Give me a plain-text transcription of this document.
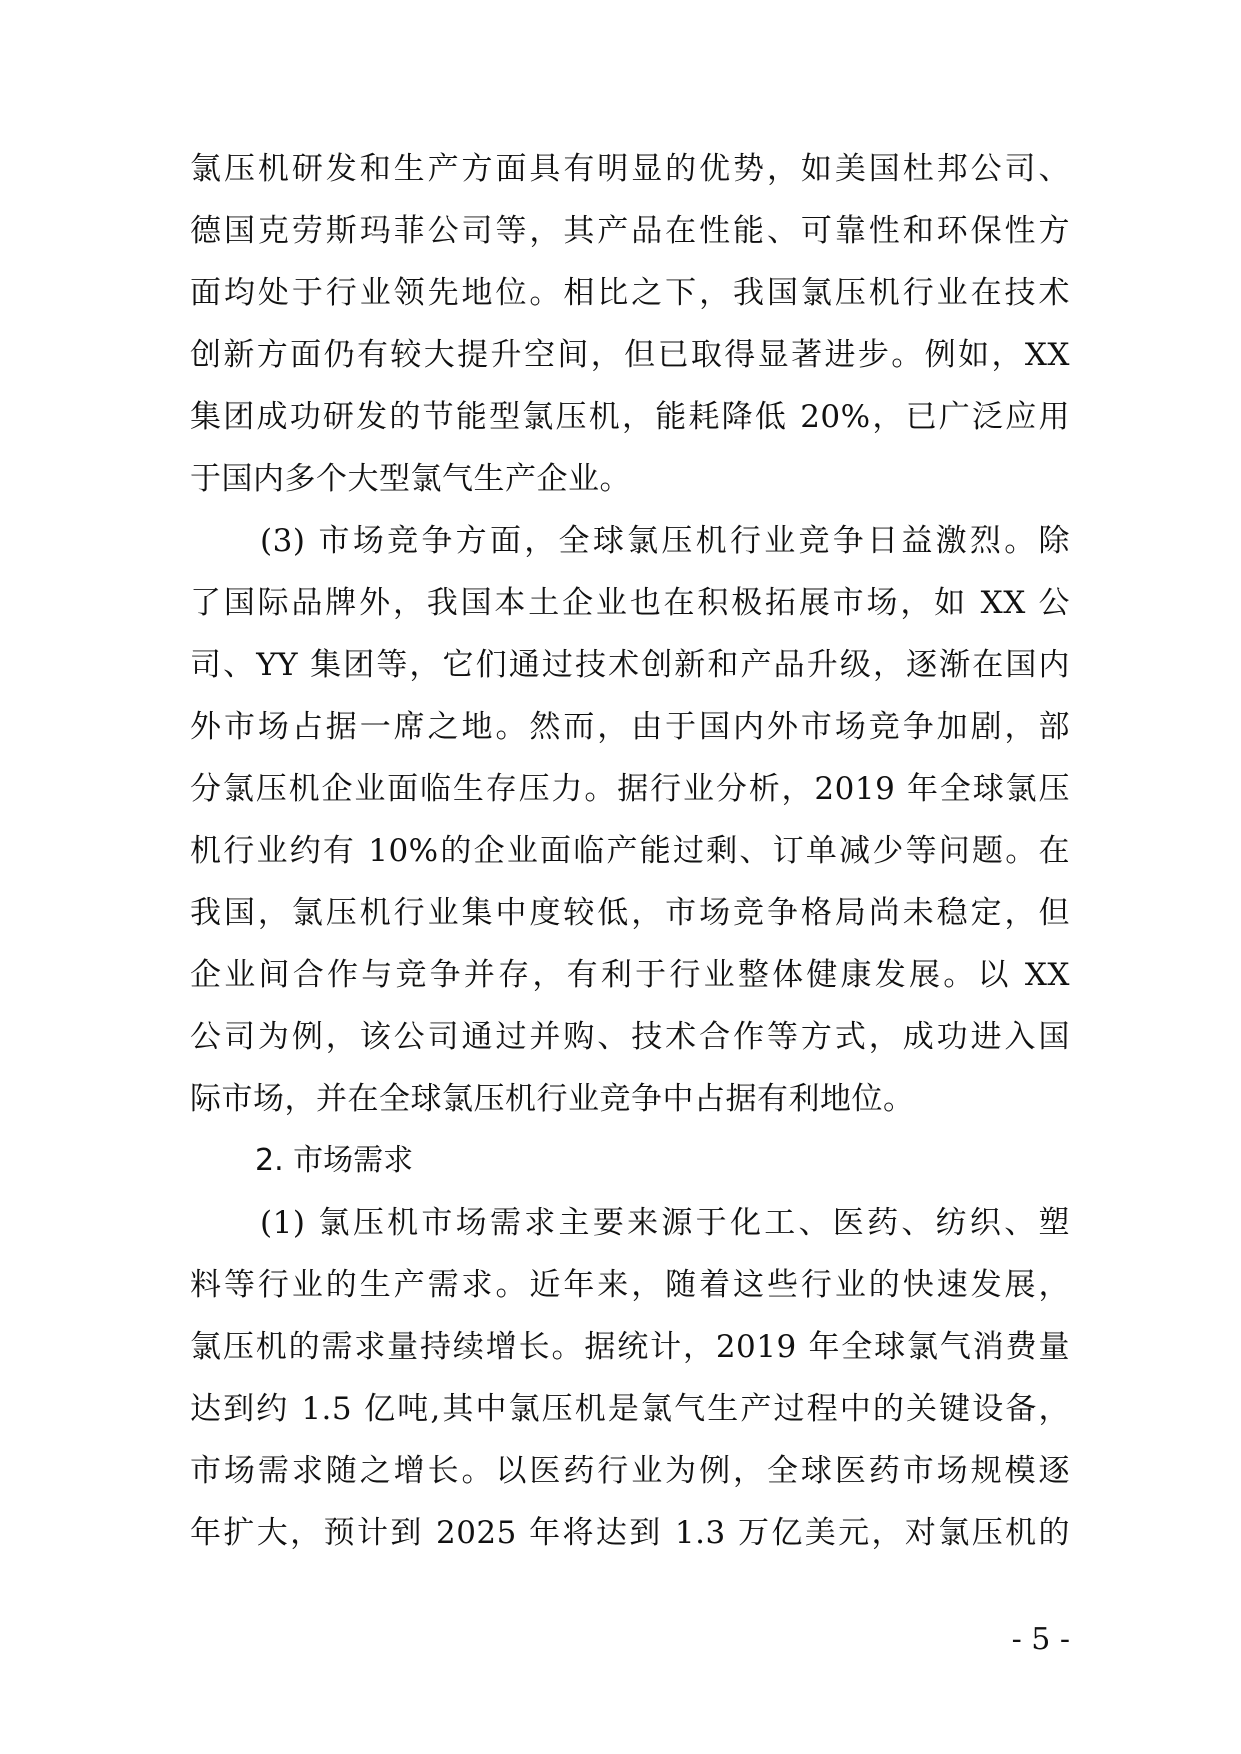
氯压机研发和生产方面具有明显的优势，如美国杜邦公司、
德国克劳斯玛菲公司等，其产品在性能、可靠性和环保性方
面均处于行业领先地位。相比之下，我国氯压机行业在技术
创新方面仍有较大提升空间，但已取得显著进步。例如，XX
集团成功研发的节能型氯压机，能耗降低 20%，已广泛应用
于国内多个大型氯气生产企业。
(3) 市场竞争方面，全球氯压机行业竞争日益激烈。除
了国际品牌外，我国本土企业也在积极拓展市场，如 XX 公
司、YY 集团等，它们通过技术创新和产品升级，逐渐在国内
外市场占据一席之地。然而，由于国内外市场竞争加剧，部
分氯压机企业面临生存压力。据行业分析，2019 年全球氯压
机行业约有 10%的企业面临产能过剩、订单减少等问题。在
我国，氯压机行业集中度较低，市场竞争格局尚未稳定，但
企业间合作与竞争并存，有利于行业整体健康发展。以 XX
公司为例，该公司通过并购、技术合作等方式，成功进入国
际市场，并在全球氯压机行业竞争中占据有利地位。
2. 市场需求
(1) 氯压机市场需求主要来源于化工、医药、纺织、塑
料等行业的生产需求。近年来，随着这些行业的快速发展，
氯压机的需求量持续增长。据统计，2019 年全球氯气消费量
达到约 1.5 亿吨,其中氯压机是氯气生产过程中的关键设备，
市场需求随之增长。以医药行业为例，全球医药市场规模逐
年扩大，预计到 2025 年将达到 1.3 万亿美元，对氯压机的
- 5 -
